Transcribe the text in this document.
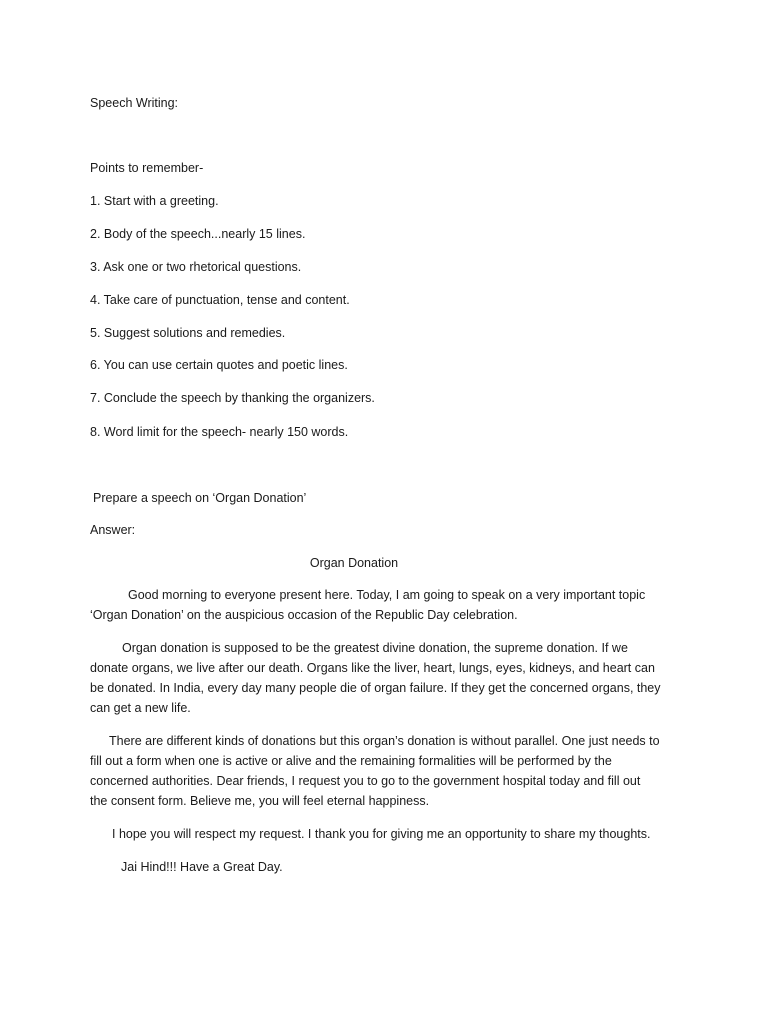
Speech Writing:
Points to remember-
1. Start with a greeting.
2. Body of the speech...nearly 15 lines.
3. Ask one or two rhetorical questions.
4. Take care of punctuation, tense and content.
5. Suggest solutions and remedies.
6. You can use certain quotes and poetic lines.
7. Conclude the speech by thanking the organizers.
8. Word limit for the speech- nearly 150 words.
Prepare a speech on ‘Organ Donation’
Answer:
Organ Donation
Good morning to everyone present here. Today, I am going to speak on a very important topic
‘Organ Donation’ on the auspicious occasion of the Republic Day celebration.
Organ donation is supposed to be the greatest divine donation, the supreme donation. If we
donate organs, we live after our death. Organs like the liver, heart, lungs, eyes, kidneys, and heart can
be donated. In India, every day many people die of organ failure. If they get the concerned organs, they
can get a new life.
There are different kinds of donations but this organ’s donation is without parallel. One just needs to
fill out a form when one is active or alive and the remaining formalities will be performed by the
concerned authorities. Dear friends, I request you to go to the government hospital today and fill out
the consent form. Believe me, you will feel eternal happiness.
I hope you will respect my request. I thank you for giving me an opportunity to share my thoughts.
Jai Hind!!! Have a Great Day.
